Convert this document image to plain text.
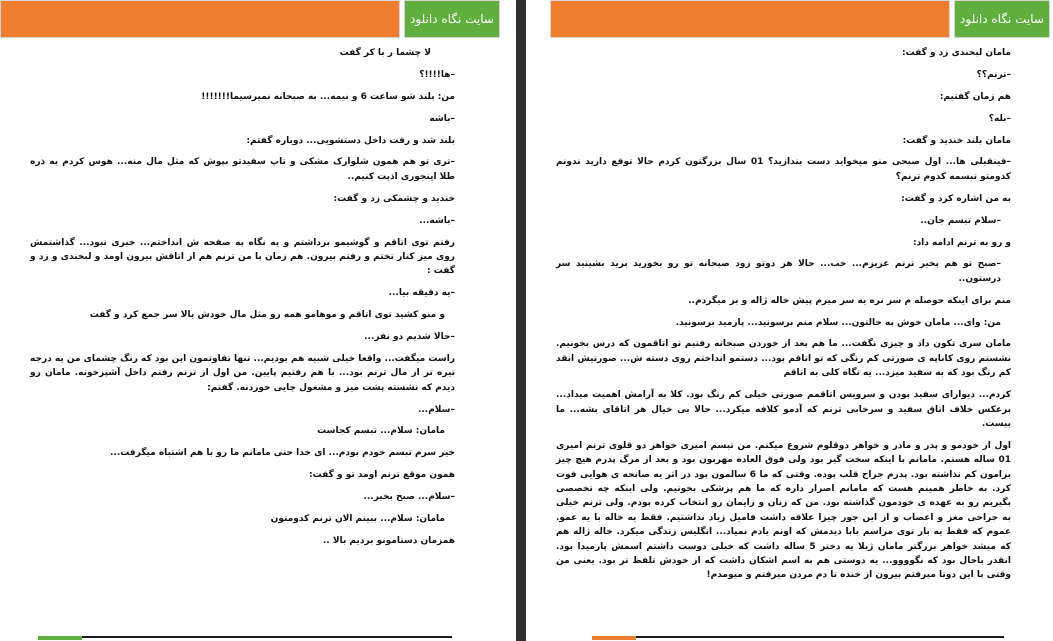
سایت نگاه دانلود

لا چشما ر با کر گفت

–ها!!!!؟

من: بلند شو ساعت 6 و نیمه... به صبحانه نمیرسیما!!!!!!!

–باشه

بلند شد و رفت داخل دستشویی... دوباره گفتم:

–تری تو هم همون شلوارک مشکی و تاپ سفیدتو بپوش که مثل مال منه... هوس کردم یه ذره طلا اینجوری اذیت کنیم..

خندید و چشمکی زد و گفت:

–باشه...

رفتم توی اتاقم و گوشیمو برداشتم و یه نگاه به صفحه ش انداختم... خبری نبود... گذاشتمش روی میز کنار تختم و رفتم بیرون. هم زمان با من ترنم هم از اتاقش بیرون اومد و لبخندی و زد و گفت :

–یه دقیقه بیا...

و منو کشید توی اتاقم و موهامو همه رو مثل مال خودش بالا سر جمع کرد و گفت

–حالا شدیم دو نفر...

راست میگفت... واقعا خیلی شبیه هم بودیم... تنها تفاوتمون این بود که رنگ چشمای من یه درجه تیره تر از مال ترنم بود... با هم رفتیم پایین. من اول از ترنم رفتم داخل آشپزخونه. مامان رو دیدم که نشسته پشت میز و مشغول چایی خوردنه. گفتم:

–سلام...

مامان: سلام... تبسم کجاست

خیر سرم تبسم خودم بودم... ای خدا حتی مامانم ما رو با هم اشتباه میگرفت...

همون موقع ترنم اومد تو و گفت:

–سلام... صبح بخیر...

مامان: سلام... ببینم الان ترنم کدومتون

همزمان دستامونو بردیم بالا ..

سایت نگاه دانلود

مامان لبخندی زد و گفت:

–ترنم؟؟

هم زمان گفتیم:

–بله؟

مامان بلند خندید و گفت:

–فینقیلی ها... اول صبحی منو میخواید دست بندازید؟ 01 سال بزرگتون کردم حالا توقع دارید ندونم کدومتو تبسمه کدوم ترنم؟

به من اشاره کرد و گفت:

–سلام تبسم جان..

و رو به ترنم ادامه داد:

–صبح تو هم بخیر ترنم عزیزم... خب... حالا هر دوتو زود صبحانه تو رو بخورید برید بشینید سر درستون..

منم برای اینکه حوصله م سر نره یه سر میرم پیش خاله ژاله و بر میگردم..

من: وای... مامان خوش به حالتون... سلام منم برسونید... پارمید برسونید.

مامان سری تکون داد و چیزی نگفت... ما هم بعد از خوردن صبحانه رفتیم تو اتاقمون که درس بخونیم. نشستم روی کاناپه ی صورتی کم رنگی که تو اتاقم بود... دستمو انداختم روی دسته ش... صورتیش انقد کم رنگ بود که به سفید میزد... یه نگاه کلی به اتاقم

کردم... دیوارای سفید بودن و سرویس اتاقمم صورتی خیلی کم رنگ بود. کلا به آرامش اهمیت میداد... برعکس خلاف اتاق سفید و سرخابی ترنم که آدمو کلافه میکرد... حالا بی خیال هر اتاقای بشه... ما بیست.

اول از خودمو و پدر و مادر و خواهر دوقلوم شروع میکنم. من تبسم امیری خواهر دو قلوی ترنم امیری 01 ساله هستم. مامانم با اینکه سخت گیر بود ولی فوق العاده مهربون بود و بعد از مرگ پدرم هیچ چیز برامون کم نذاشته بود. پدرم جراح قلب بوده. وقتی که ما 6 سالمون بود در اثر یه صانحه ی هوایی فوت کرد. به خاطر همینم هست که مامانم اصرار داره که ما هم پزشکی بخونیم. ولی اینکه چه تخصصی بگیریم رو به عهده ی خودمون گذاشته بود. من که زنان و زایمان رو انتخاب کرده بودم. ولی ترنم خیلی به جراحی مغز و اعصاب و از این جور چیزا علاقه داشت فامیل زیاد نداشتیم. فقط یه خاله با یه عمو. عموم که فقط یه بار توی مراسم بابا دیدمش که اونم یادم نمیاد... انگلیس زندگی میکرد. خاله ژاله هم که میشد خواهر بزرگتر مامان ژیلا یه دختر 5 ساله داشت که خیلی دوست داشتم اسمش پارمیدا بود. انقدر باحال بود که نگوووو... یه دوستی هم به اسم اشکان داشت که از خودش تلفظ تر بود. یعنی من وقتی با این دوتا میرفتم بیرون از خنده تا دم مردن میرفتم و میومدم!
